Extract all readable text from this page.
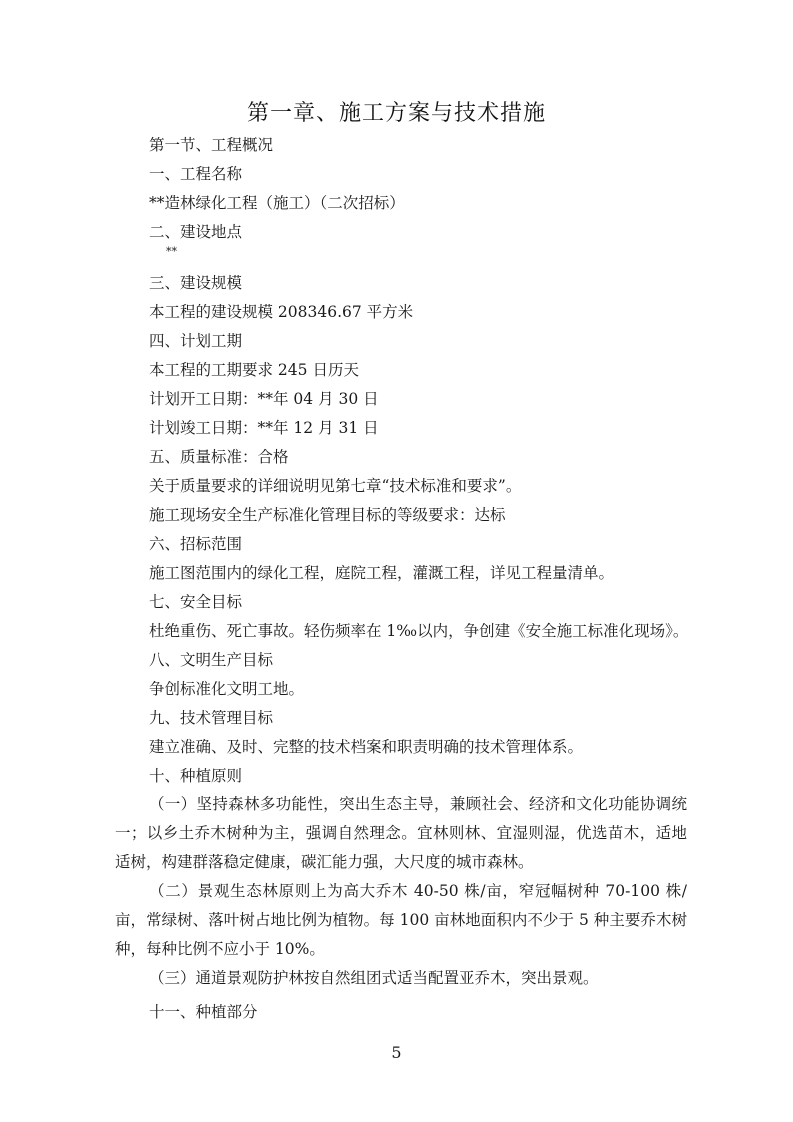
第一章、施工方案与技术措施
第一节、工程概况
一、工程名称
**造林绿化工程（施工）（二次招标）
二、建设地点
**
三、建设规模
本工程的建设规模 208346.67 平方米
四、计划工期
本工程的工期要求 245 日历天
计划开工日期：**年 04 月 30 日
计划竣工日期：**年 12 月 31 日
五、质量标准：合格
关于质量要求的详细说明见第七章“技术标准和要求”。
施工现场安全生产标准化管理目标的等级要求：达标
六、招标范围
施工图范围内的绿化工程，庭院工程，灌溉工程，详见工程量清单。
七、安全目标
杜绝重伤、死亡事故。轻伤频率在 1‰以内，争创建《安全施工标准化现场》。
八、文明生产目标
争创标准化文明工地。
九、技术管理目标
建立准确、及时、完整的技术档案和职责明确的技术管理体系。
十、种植原则

（一）坚持森林多功能性，突出生态主导，兼顾社会、经济和文化功能协调统一；以乡土乔木树种为主，强调自然理念。宜林则林、宜湿则湿，优选苗木，适地适树，构建群落稳定健康，碳汇能力强，大尺度的城市森林。

（二）景观生态林原则上为高大乔木 40-50 株/亩，窄冠幅树种 70-100 株/亩，常绿树、落叶树占地比例为植物。每 100 亩林地面积内不少于 5 种主要乔木树种，每种比例不应小于 10%。

（三）通道景观防护林按自然组团式适当配置亚乔木，突出景观。

十一、种植部分
5
